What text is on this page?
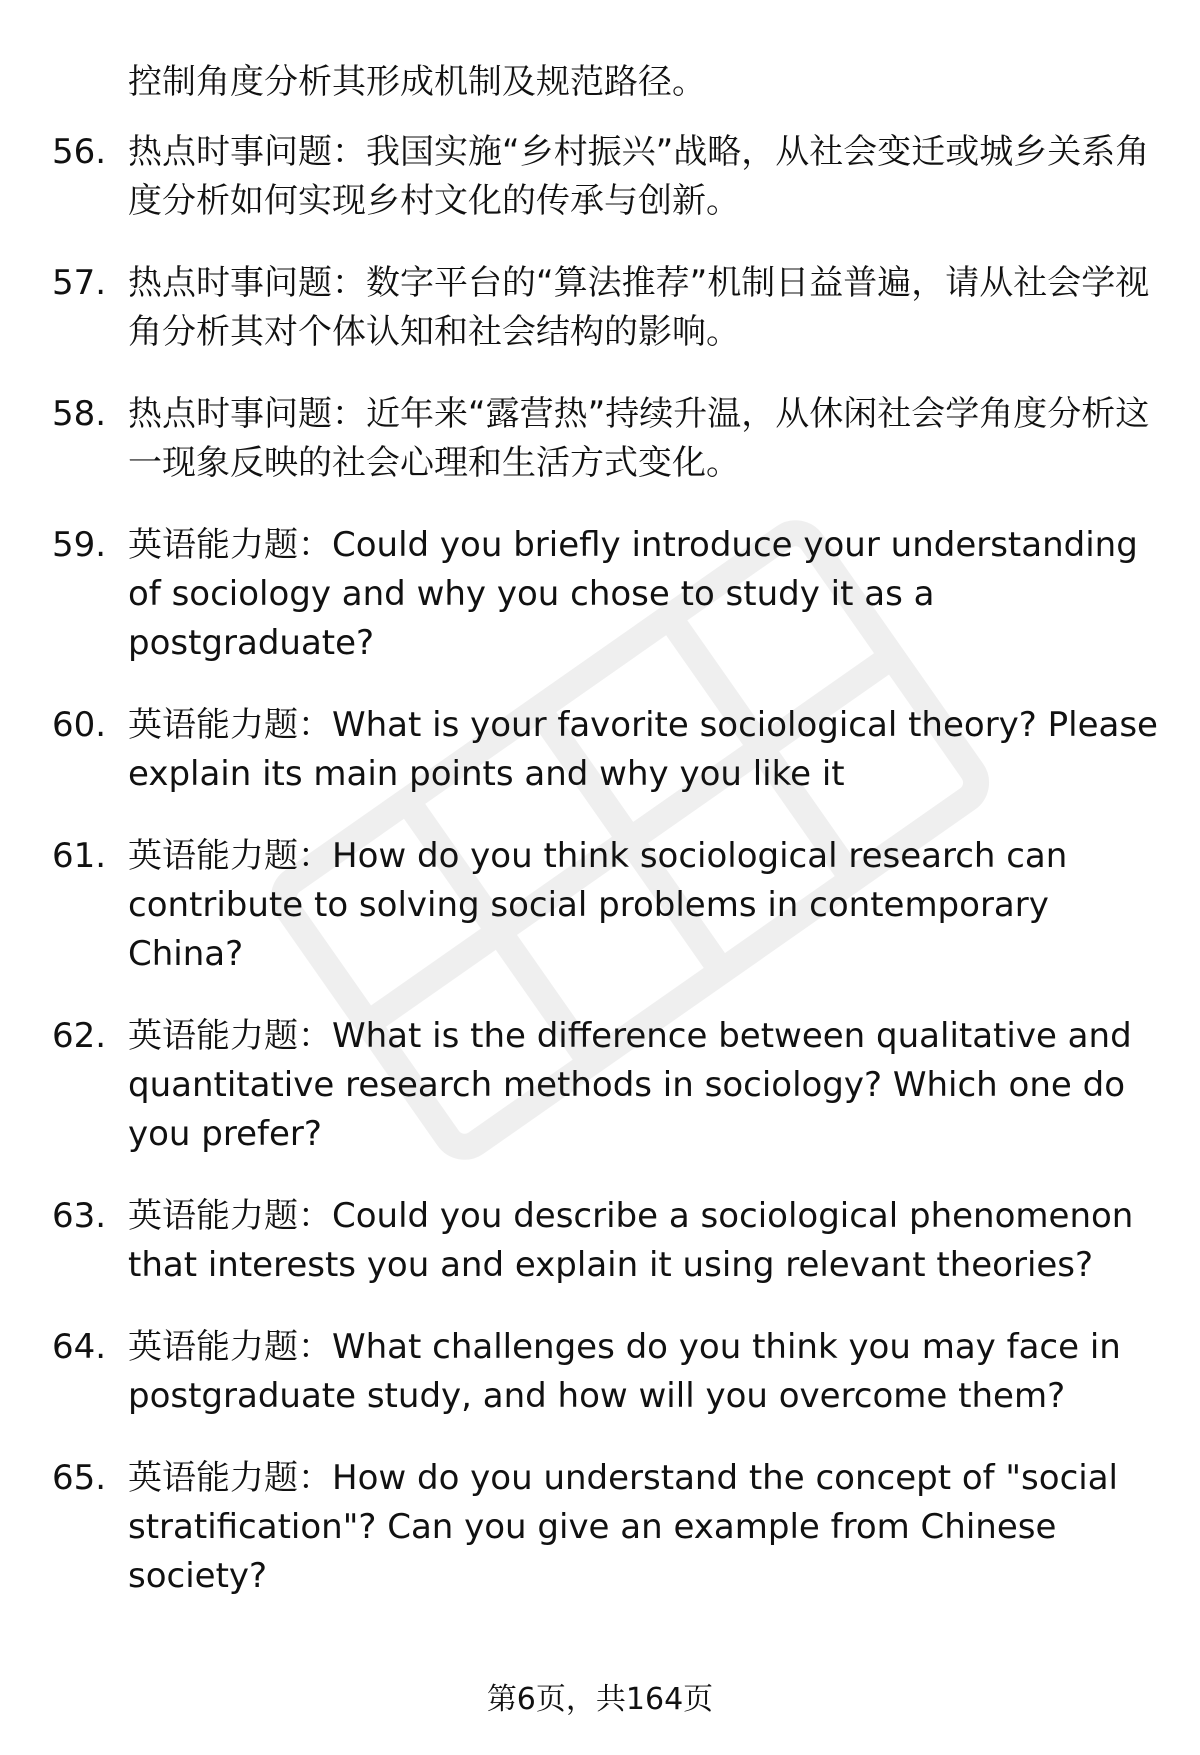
控制角度分析其形成机制及规范路径。

56. 热点时事问题：我国实施“乡村振兴”战略，从社会变迁或城乡关系角度分析如何实现乡村文化的传承与创新。
57. 热点时事问题：数字平台的“算法推荐”机制日益普遍，请从社会学视角分析其对个体认知和社会结构的影响。
58. 热点时事问题：近年来“露营热”持续升温，从休闲社会学角度分析这一现象反映的社会心理和生活方式变化。
59. 英语能力题：Could you briefly introduce your understanding of sociology and why you chose to study it as a postgraduate?
60. 英语能力题：What is your favorite sociological theory? Please explain its main points and why you like it
61. 英语能力题：How do you think sociological research can contribute to solving social problems in contemporary China?
62. 英语能力题：What is the difference between qualitative and quantitative research methods in sociology? Which one do you prefer?
63. 英语能力题：Could you describe a sociological phenomenon that interests you and explain it using relevant theories?
64. 英语能力题：What challenges do you think you may face in postgraduate study, and how will you overcome them?
65. 英语能力题：How do you understand the concept of "social stratification"? Can you give an example from Chinese society?
第6页，共164页
